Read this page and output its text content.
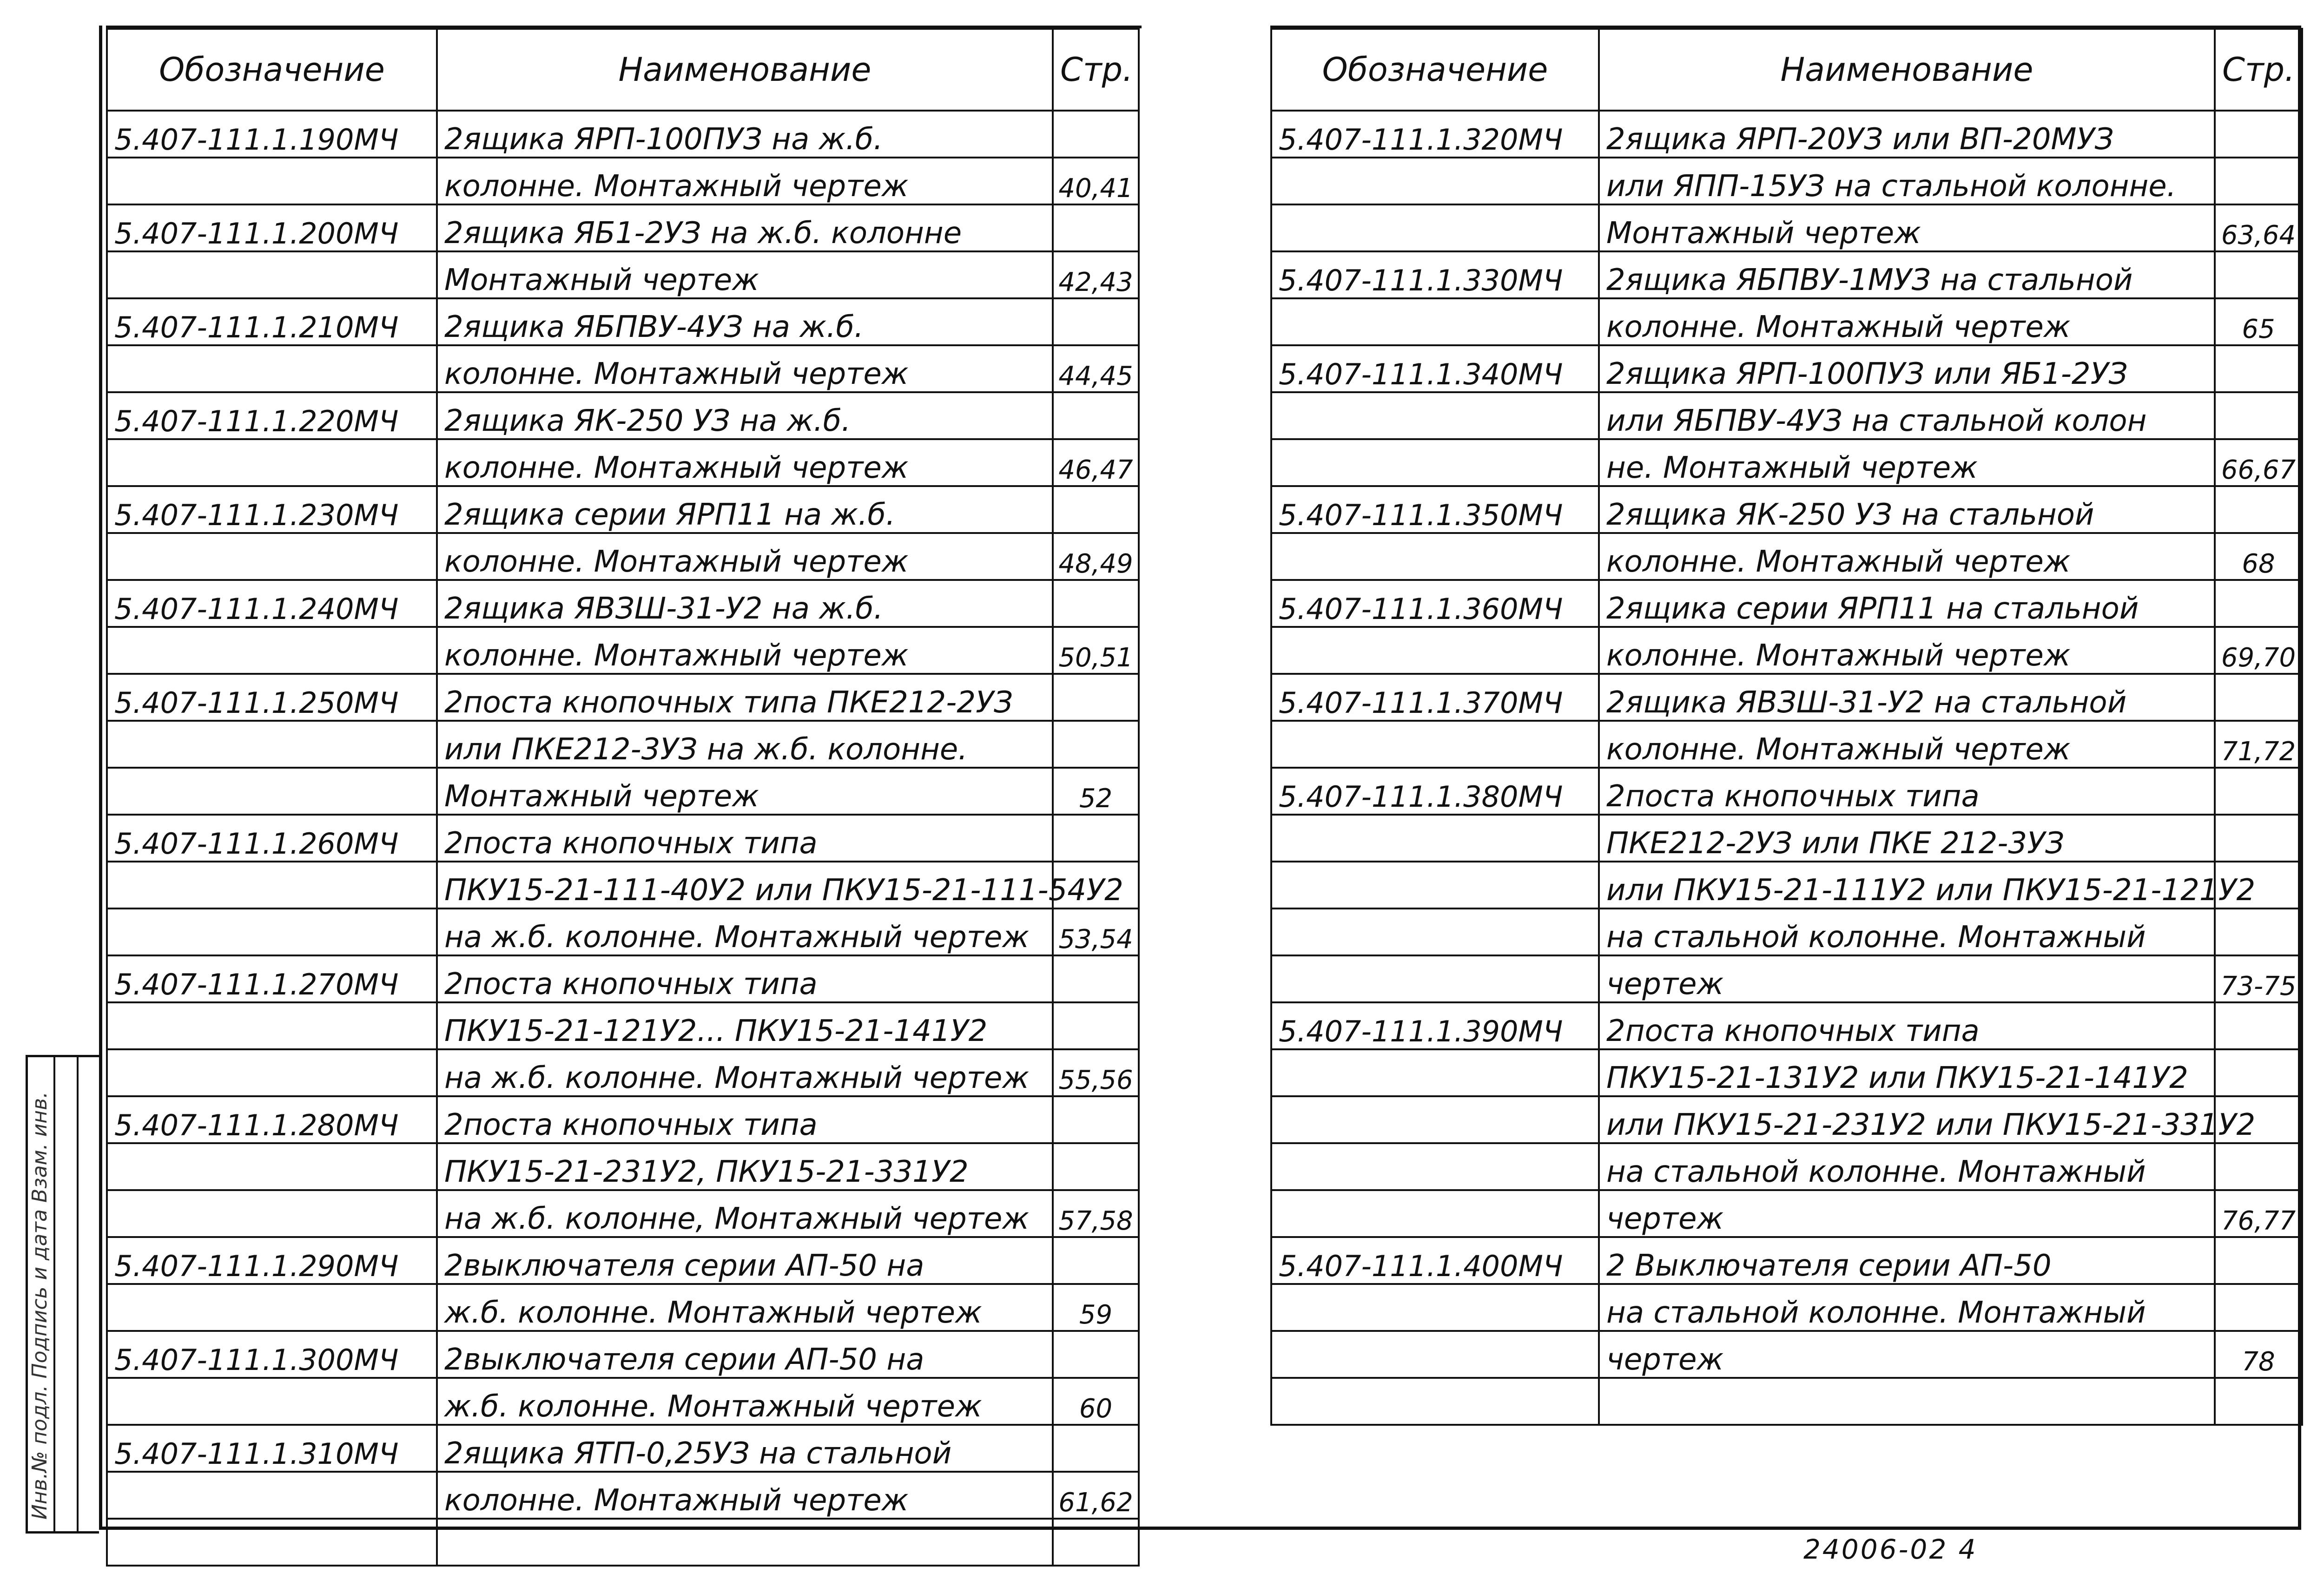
Обозначение	Наименование	Стр.
5.407-111.1.190МЧ	2ящика ЯРП-100ПУЗ на ж.б.	
	колонне. Монтажный чертеж	40,41
5.407-111.1.200МЧ	2ящика ЯБ1-2УЗ на ж.б. колонне	
	Монтажный чертеж	42,43
5.407-111.1.210МЧ	2ящика ЯБПВУ-4УЗ на ж.б.	
	колонне. Монтажный чертеж	44,45
5.407-111.1.220МЧ	2ящика ЯК-250 УЗ на ж.б.	
	колонне. Монтажный чертеж	46,47
5.407-111.1.230МЧ	2ящика серии ЯРП11 на ж.б.	
	колонне. Монтажный чертеж	48,49
5.407-111.1.240МЧ	2ящика ЯВЗШ-31-У2 на ж.б.	
	колонне. Монтажный чертеж	50,51
5.407-111.1.250МЧ	2поста кнопочных типа ПКЕ212-2УЗ	
	или ПКЕ212-3УЗ на ж.б. колонне.	
	Монтажный чертеж	52
5.407-111.1.260МЧ	2поста кнопочных типа	
	ПКУ15-21-111-40У2 или ПКУ15-21-111-54У2	
	на ж.б. колонне. Монтажный чертеж	53,54
5.407-111.1.270МЧ	2поста кнопочных типа	
	ПКУ15-21-121У2... ПКУ15-21-141У2	
	на ж.б. колонне. Монтажный чертеж	55,56
5.407-111.1.280МЧ	2поста кнопочных типа	
	ПКУ15-21-231У2, ПКУ15-21-331У2	
	на ж.б. колонне, Монтажный чертеж	57,58
5.407-111.1.290МЧ	2выключателя серии АП-50 на	
	ж.б. колонне. Монтажный чертеж	59
5.407-111.1.300МЧ	2выключателя серии АП-50 на	
	ж.б. колонне. Монтажный чертеж	60
5.407-111.1.310МЧ	2ящика ЯТП-0,25УЗ на стальной	
	колонне. Монтажный чертеж	61,62

Обозначение	Наименование	Стр.
5.407-111.1.320МЧ	2ящика ЯРП-20УЗ или ВП-20МУЗ	
	или ЯПП-15УЗ на стальной колонне.	
	Монтажный чертеж	63,64
5.407-111.1.330МЧ	2ящика ЯБПВУ-1МУЗ на стальной	
	колонне. Монтажный чертеж	65
5.407-111.1.340МЧ	2ящика ЯРП-100ПУЗ или ЯБ1-2УЗ	
	или ЯБПВУ-4УЗ на стальной колон	
	не. Монтажный чертеж	66,67
5.407-111.1.350МЧ	2ящика ЯК-250 УЗ на стальной	
	колонне. Монтажный чертеж	68
5.407-111.1.360МЧ	2ящика серии ЯРП11 на стальной	
	колонне. Монтажный чертеж	69,70
5.407-111.1.370МЧ	2ящика ЯВЗШ-31-У2 на стальной	
	колонне. Монтажный чертеж	71,72
5.407-111.1.380МЧ	2поста кнопочных типа	
	ПКЕ212-2УЗ или ПКЕ 212-3УЗ	
	или ПКУ15-21-111У2 или ПКУ15-21-121У2	
	на стальной колонне. Монтажный	
	чертеж	73-75
5.407-111.1.390МЧ	2поста кнопочных типа	
	ПКУ15-21-131У2 или ПКУ15-21-141У2	
	или ПКУ15-21-231У2 или ПКУ15-21-331У2	
	на стальной колонне. Монтажный	
	чертеж	76,77
5.407-111.1.400МЧ	2 Выключателя серии АП-50	
	на стальной колонне. Монтажный	
	чертеж	78

Инв.№ подл. Подпись и дата Взам. инв.
24006-02 4
